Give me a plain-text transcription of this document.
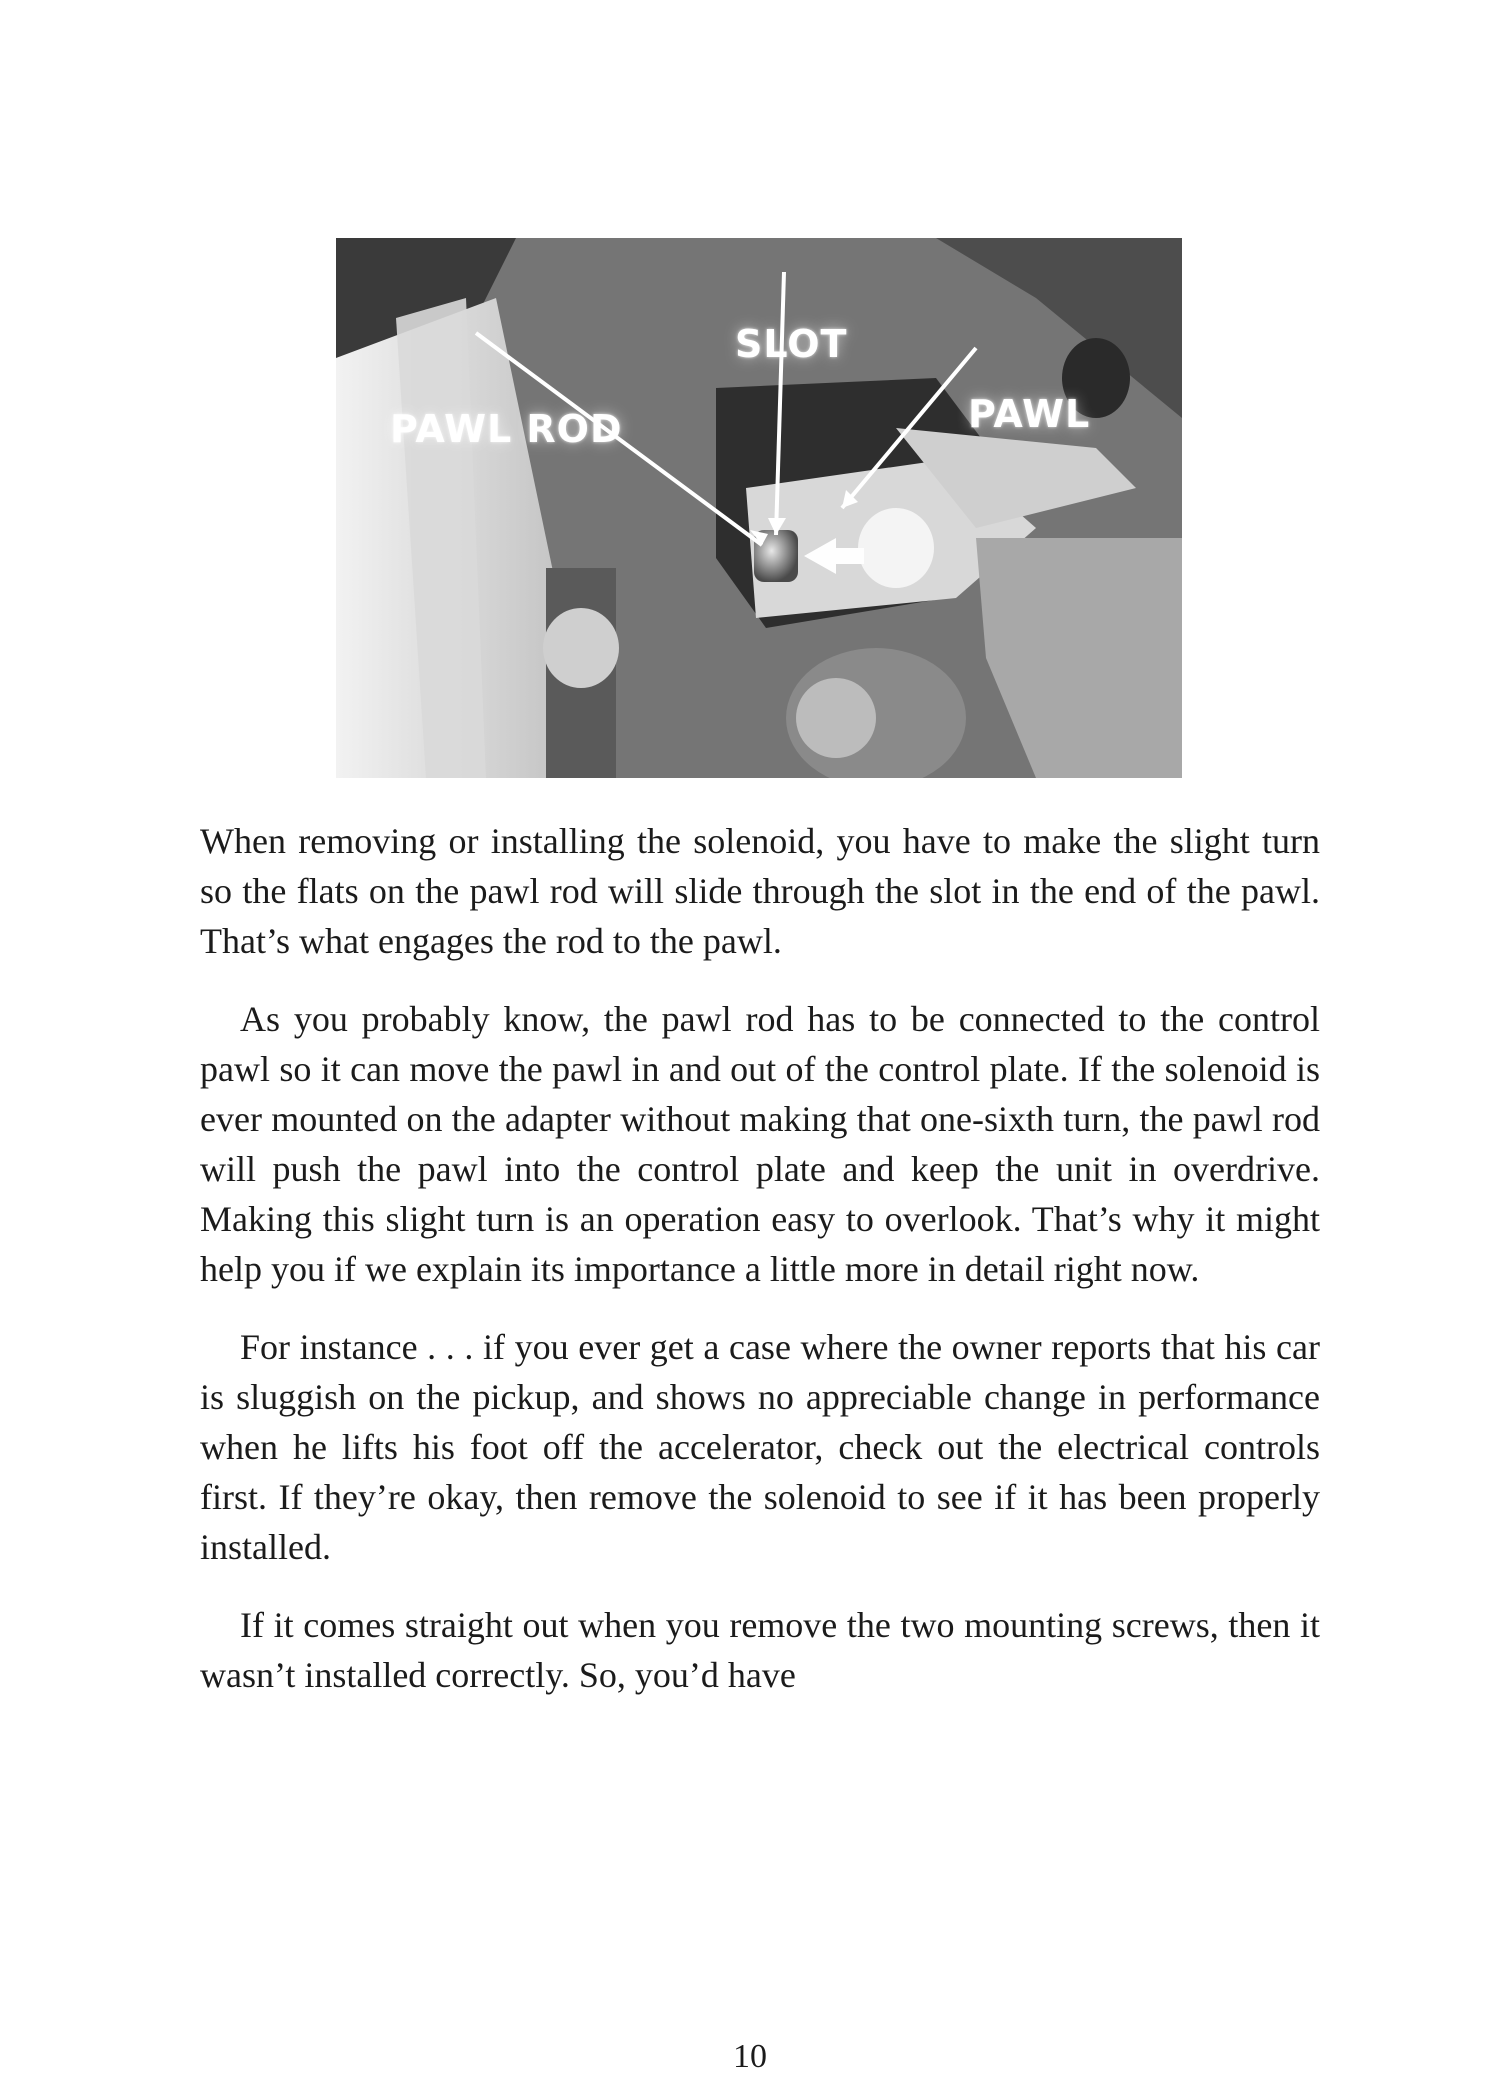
SLOT
PAWL ROD	PAWL

When removing or installing the solenoid, you have to make the slight turn so the flats on the pawl rod will slide through the slot in the end of the pawl. That’s what engages the rod to the pawl.

As you probably know, the pawl rod has to be connected to the control pawl so it can move the pawl in and out of the control plate. If the solenoid is ever mounted on the adapter without making that one-sixth turn, the pawl rod will push the pawl into the control plate and keep the unit in overdrive. Making this slight turn is an operation easy to overlook. That’s why it might help you if we explain its importance a little more in detail right now.

For instance . . . if you ever get a case where the owner reports that his car is sluggish on the pickup, and shows no appreciable change in performance when he lifts his foot off the accelerator, check out the electrical controls first. If they’re okay, then remove the solenoid to see if it has been properly installed.

If it comes straight out when you remove the two mounting screws, then it wasn’t installed correctly. So, you’d have

10
